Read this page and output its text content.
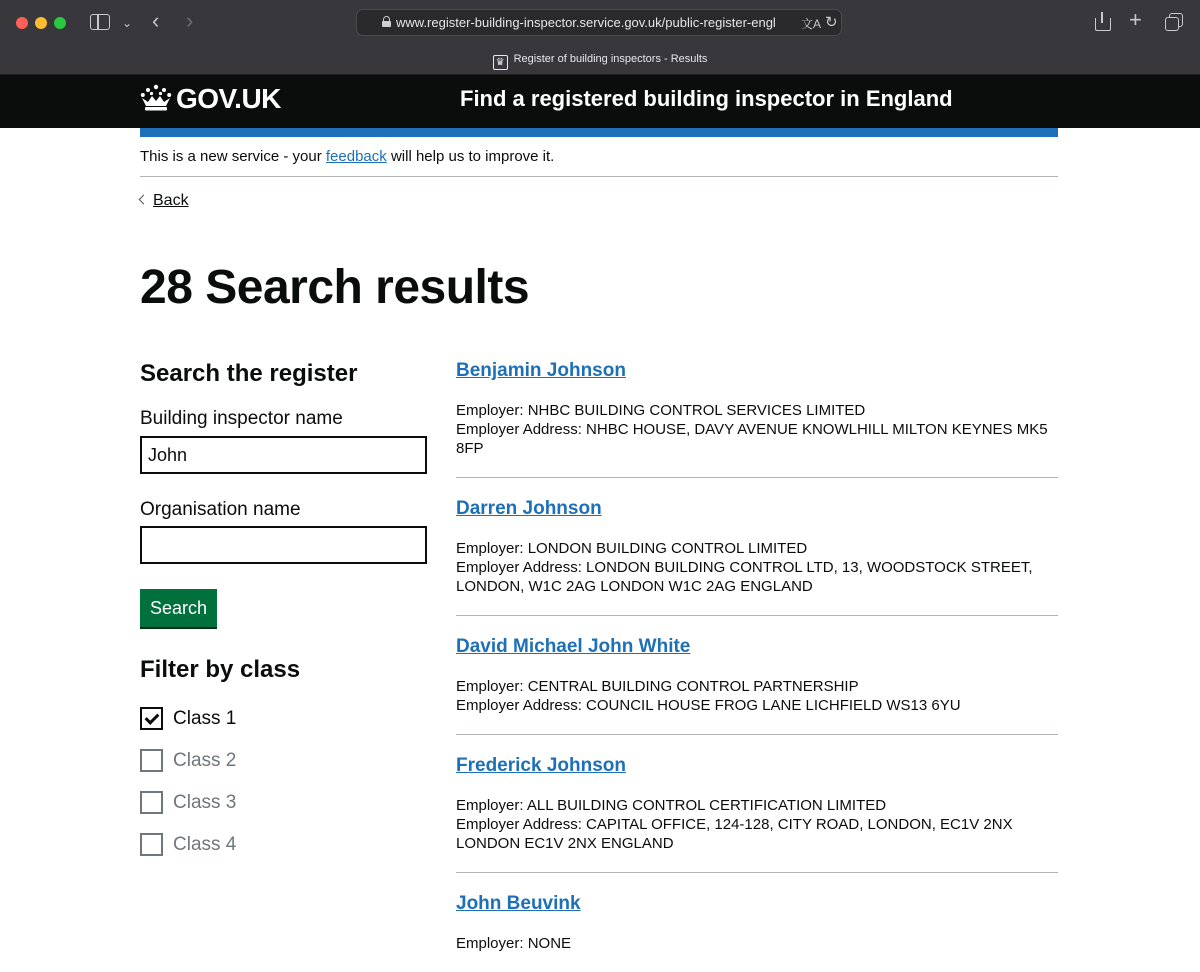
⌄ ‹ ›	www.register-building-inspector.service.gov.uk/public-register-engl	文A ↻	+
♛ Register of building inspectors - Results
GOV.UK	Find a registered building inspector in England

This is a new service - your feedback will help us to improve it.

Back
28 Search results
Search the register
Building inspector name
John
Organisation name
Search
Filter by class
Class 1
Class 2
Class 3
Class 4
Benjamin Johnson

Employer: NHBC BUILDING CONTROL SERVICES LIMITED

Employer Address: NHBC HOUSE, DAVY AVENUE KNOWLHILL MILTON KEYNES MK5 8FP

Darren Johnson

Employer: LONDON BUILDING CONTROL LIMITED

Employer Address: LONDON BUILDING CONTROL LTD, 13, WOODSTOCK STREET, LONDON, W1C 2AG LONDON W1C 2AG ENGLAND

David Michael John White

Employer: CENTRAL BUILDING CONTROL PARTNERSHIP

Employer Address: COUNCIL HOUSE FROG LANE LICHFIELD WS13 6YU

Frederick Johnson

Employer: ALL BUILDING CONTROL CERTIFICATION LIMITED

Employer Address: CAPITAL OFFICE, 124-128, CITY ROAD, LONDON, EC1V 2NX LONDON EC1V 2NX ENGLAND

John Beuvink

Employer: NONE
